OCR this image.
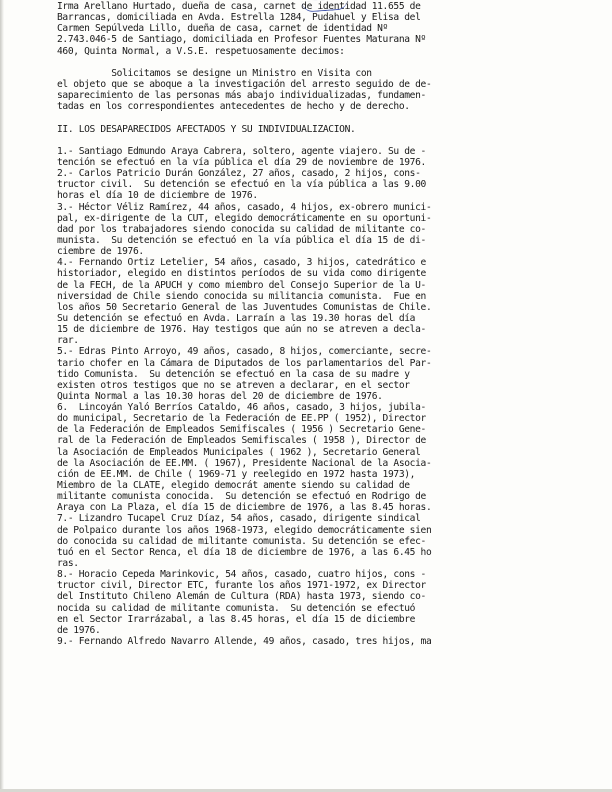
Irma Arellano Hurtado, dueña de casa, carnet de identidad 11.655 de
Barrancas, domiciliada en Avda. Estrella 1284, Pudahuel y Elisa del
Carmen Sepúlveda Lillo, dueña de casa, carnet de identidad Nº
2.743.046-5 de Santiago, domiciliada en Profesor Fuentes Maturana Nº
460, Quinta Normal, a V.S.E. respetuosamente decimos:
Solicitamos se designe un Ministro en Visita con
el objeto que se aboque a la investigación del arresto seguido de de-
saparecimiento de las personas más abajo individualizadas, fundamen-
tadas en los correspondientes antecedentes de hecho y de derecho.
II. LOS DESAPARECIDOS AFECTADOS Y SU INDIVIDUALIZACION.
1.- Santiago Edmundo Araya Cabrera, soltero, agente viajero. Su de -
tención se efectuó en la vía pública el día 29 de noviembre de 1976.
2.- Carlos Patricio Durán González, 27 años, casado, 2 hijos, cons-
tructor civil.  Su detención se efectuó en la vía pública a las 9.00
horas el día 10 de diciembre de 1976.
3.- Héctor Véliz Ramírez, 44 años, casado, 4 hijos, ex-obrero munici-
pal, ex-dirigente de la CUT, elegido democráticamente en su oportuni-
dad por los trabajadores siendo conocida su calidad de militante co-
munista.  Su detención se efectuó en la vía pública el día 15 de di-
ciembre de 1976.
4.- Fernando Ortiz Letelier, 54 años, casado, 3 hijos, catedrático e
historiador, elegido en distintos períodos de su vida como dirigente
de la FECH, de la APUCH y como miembro del Consejo Superior de la U-
niversidad de Chile siendo conocida su militancia comunista.  Fue en
los años 50 Secretario General de las Juventudes Comunistas de Chile.
Su detención se efectuó en Avda. Larraín a las 19.30 horas del día
15 de diciembre de 1976. Hay testigos que aún no se atreven a decla-
rar.
5.- Edras Pinto Arroyo, 49 años, casado, 8 hijos, comerciante, secre-
tario chofer en la Cámara de Diputados de los parlamentarios del Par-
tido Comunista.  Su detención se efectuó en la casa de su madre y
existen otros testigos que no se atreven a declarar, en el sector
Quinta Normal a las 10.30 horas del 20 de diciembre de 1976.
6.  Lincoyán Yaló Berríos Cataldo, 46 años, casado, 3 hijos, jubila-
do municipal, Secretario de la Federación de EE.PP ( 1952), Director
de la Federación de Empleados Semifiscales ( 1956 ) Secretario Gene-
ral de la Federación de Empleados Semifiscales ( 1958 ), Director de
la Asociación de Empleados Municipales ( 1962 ), Secretario General
de la Asociación de EE.MM. ( 1967), Presidente Nacional de la Asocia-
ción de EE.MM. de Chile ( 1969-71 y reelegido en 1972 hasta 1973),
Miembro de la CLATE, elegido democrát amente siendo su calidad de
militante comunista conocida.  Su detención se efectuó en Rodrigo de
Araya con La Plaza, el día 15 de diciembre de 1976, a las 8.45 horas.
7.- Lizandro Tucapel Cruz Díaz, 54 años, casado, dirigente sindical
de Polpaico durante los años 1968-1973, elegido democráticamente sien
do conocida su calidad de militante comunista. Su detención se efec-
tuó en el Sector Renca, el día 18 de diciembre de 1976, a las 6.45 ho
ras.
8.- Horacio Cepeda Marinkovic, 54 años, casado, cuatro hijos, cons -
tructor civil, Director ETC, furante los años 1971-1972, ex Director
del Instituto Chileno Alemán de Cultura (RDA) hasta 1973, siendo co-
nocida su calidad de militante comunista.  Su detención se efectuó
en el Sector Irarrázabal, a las 8.45 horas, el día 15 de diciembre
de 1976.
9.- Fernando Alfredo Navarro Allende, 49 años, casado, tres hijos, ma
